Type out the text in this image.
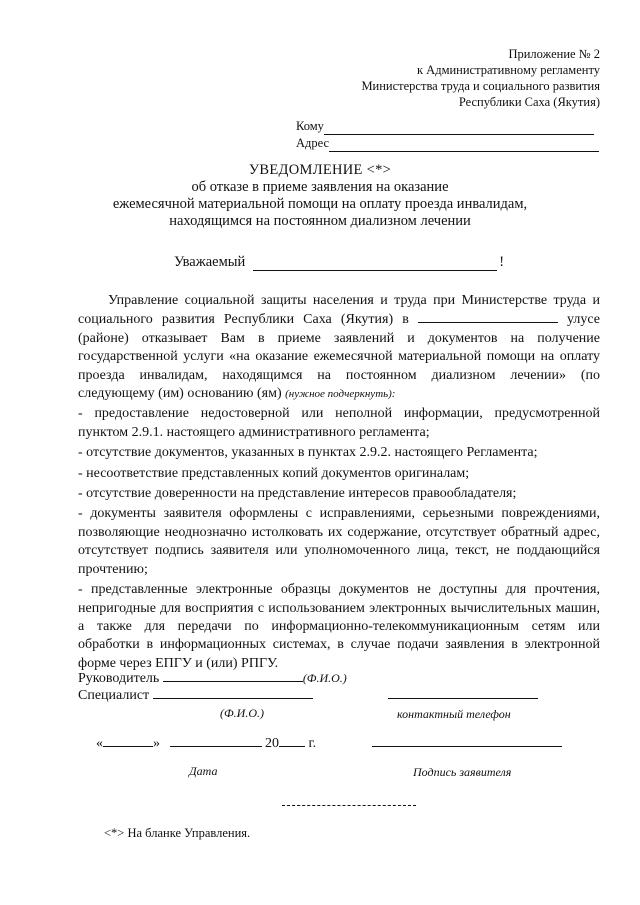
Приложение № 2
к Административному регламенту
Министерства труда и социального развития
Республики Саха (Якутия)
Кому
Адрес
УВЕДОМЛЕНИЕ <*>
об отказе в приеме заявления на оказание
ежемесячной материальной помощи на оплату проезда инвалидам,
находящимся на постоянном диализном лечении
Уважаемый	!

Управление социальной защиты населения и труда при Министерстве труда и социального развития Республики Саха (Якутия) в	улусе (районе) отказывает Вам в приеме заявлений и документов на получение государственной услуги «на оказание ежемесячной материальной помощи на оплату проезда инвалидам, находящимся на постоянном диализном лечении» (по следующему (им) основанию (ям) (нужное подчеркнуть):

- предоставление недостоверной или неполной информации, предусмотренной пунктом 2.9.1. настоящего административного регламента;

- отсутствие документов, указанных в пунктах 2.9.2. настоящего Регламента;

- несоответствие представленных копий документов оригиналам;

- отсутствие доверенности на представление интересов правообладателя;

- документы заявителя оформлены с исправлениями, серьезными повреждениями, позволяющие неоднозначно истолковать их содержание, отсутствует обратный адрес, отсутствует подпись заявителя или уполномоченного лица, текст, не поддающийся прочтению;

- представленные электронные образцы документов не доступны для прочтения, непригодные для восприятия с использованием электронных вычислительных машин, а также для передачи по информационно-телекоммуникационным сетям или обработки в информационных системах, в случае подачи заявления в электронной форме через ЕПГУ и (или) РПГУ.

Руководитель	(Ф.И.О.)
Специалист
(Ф.И.О.)	контактный телефон
«	»	20 г.
Дата	Подпись заявителя
<*> На бланке Управления.
